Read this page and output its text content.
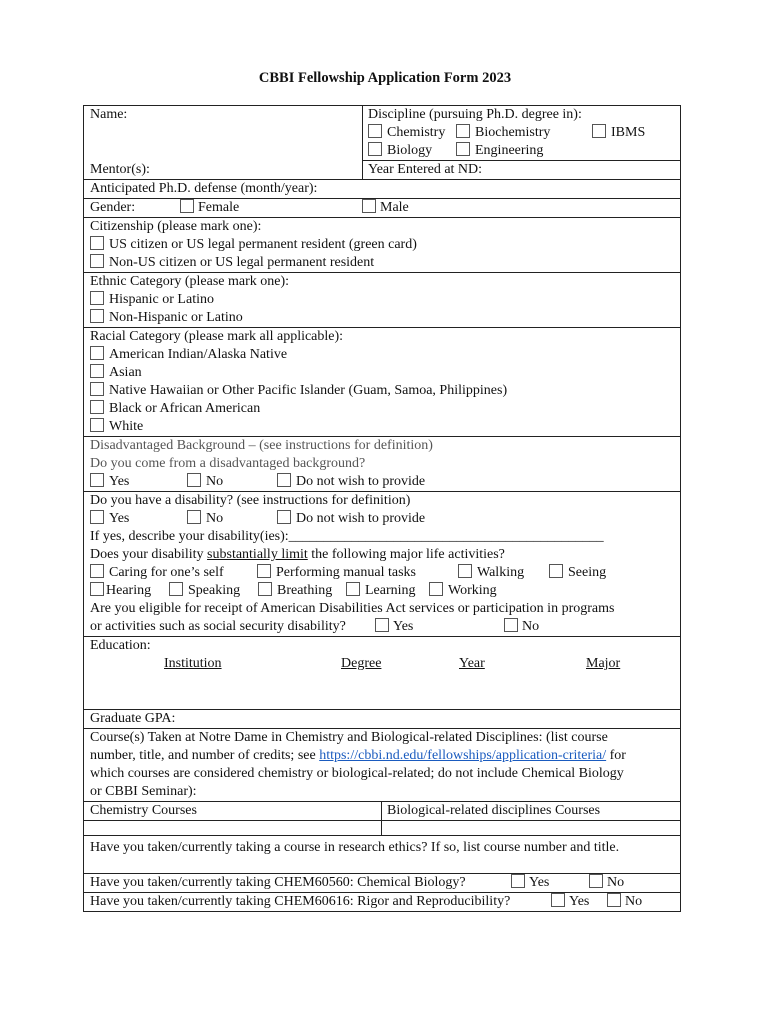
CBBI Fellowship Application Form 2023
Name:
Mentor(s):
Discipline (pursuing Ph.D. degree in):
Chemistry	Biochemistry	IBMS
Biology	Engineering
Year Entered at ND:
Anticipated Ph.D. defense (month/year):
Gender:	Female	Male
Citizenship (please mark one):
US citizen or US legal permanent resident (green card)
Non-US citizen or US legal permanent resident
Ethnic Category (please mark one):
Hispanic or Latino
Non-Hispanic or Latino
Racial Category (please mark all applicable):
American Indian/Alaska Native
Asian
Native Hawaiian or Other Pacific Islander (Guam, Samoa, Philippines)
Black or African American
White
Disadvantaged Background – (see instructions for definition)
Do you come from a disadvantaged background?
Yes	No	Do not wish to provide
Do you have a disability? (see instructions for definition)
Yes	No	Do not wish to provide
If yes, describe your disability(ies):_____________________________________________
Does your disability substantially limit the following major life activities?
Caring for one’s self	Performing manual tasks	Walking	Seeing
Hearing	Speaking	Breathing	Learning	Working
Are you eligible for receipt of American Disabilities Act services or participation in programs
or activities such as social security disability?	Yes	No
Education:
Institution	Degree	Year	Major
Graduate GPA:
Course(s) Taken at Notre Dame in Chemistry and Biological-related Disciplines: (list course
number, title, and number of credits; see https://cbbi.nd.edu/fellowships/application-criteria/ for
which courses are considered chemistry or biological-related; do not include Chemical Biology
or CBBI Seminar):
Chemistry Courses	Biological-related disciplines Courses
Have you taken/currently taking a course in research ethics? If so, list course number and title.
Have you taken/currently taking CHEM60560: Chemical Biology?	Yes	No
Have you taken/currently taking CHEM60616: Rigor and Reproducibility?	Yes	No
